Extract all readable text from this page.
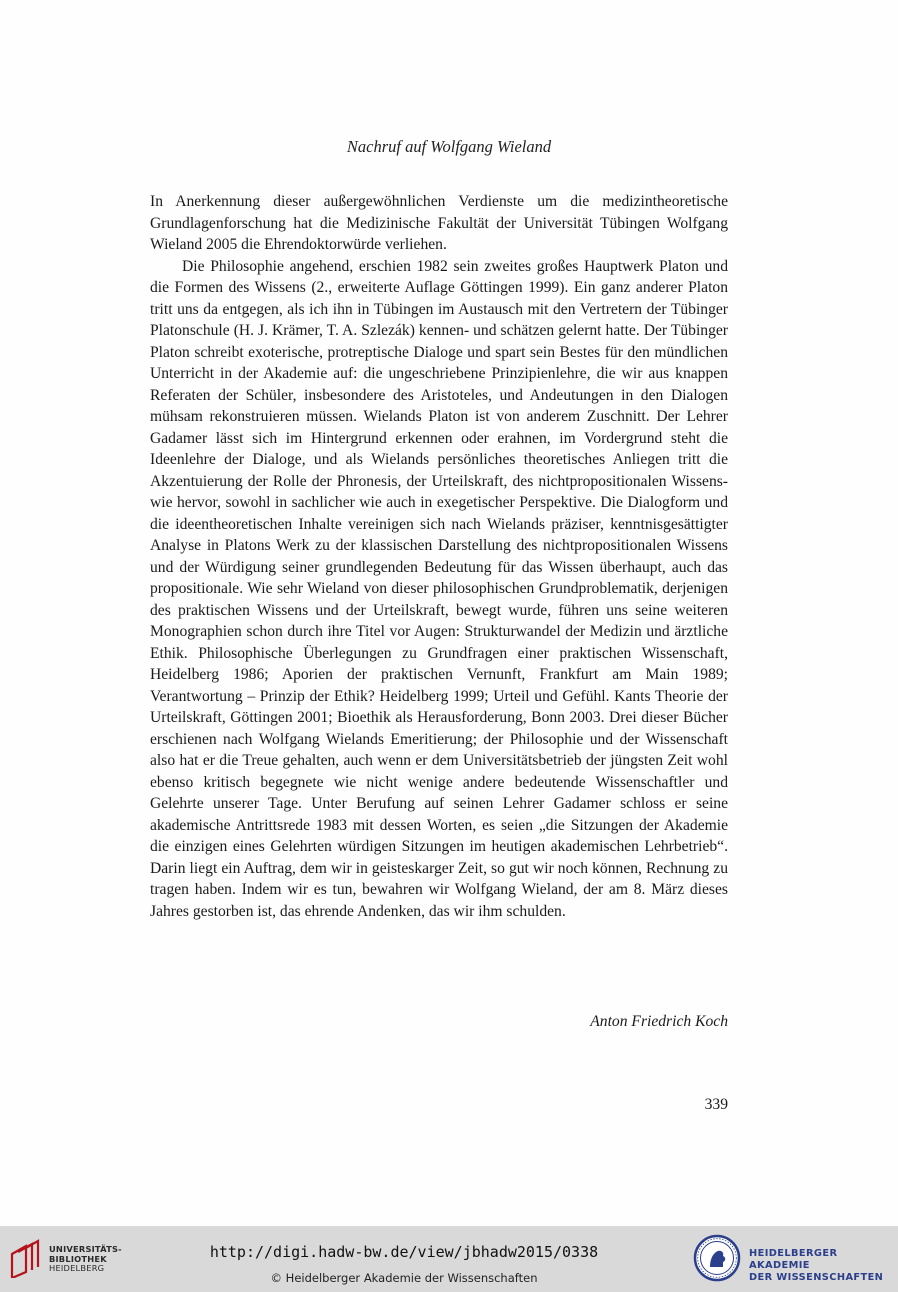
Nachruf auf Wolfgang Wieland

In Anerkennung dieser außergewöhnlichen Verdienste um die medizintheoretische Grundlagenforschung hat die Medizinische Fakultät der Universität Tübingen Wolfgang Wieland 2005 die Ehrendoktorwürde verliehen.

Die Philosophie angehend, erschien 1982 sein zweites großes Hauptwerk Platon und die Formen des Wissens (2., erweiterte Auflage Göttingen 1999). Ein ganz anderer Platon tritt uns da entgegen, als ich ihn in Tübingen im Austausch mit den Vertretern der Tübinger Platonschule (H. J. Krämer, T. A. Szlezák) kennen- und schätzen gelernt hatte. Der Tübinger Platon schreibt exoterische, protreptische Dialoge und spart sein Bestes für den mündlichen Unterricht in der Akademie auf: die ungeschriebene Prinzipienlehre, die wir aus knappen Referaten der Schüler, insbesondere des Aristoteles, und Andeutungen in den Dialogen mühsam rekonstruieren müssen. Wielands Platon ist von anderem Zuschnitt. Der Lehrer Gadamer lässt sich im Hintergrund erkennen oder erahnen, im Vordergrund steht die Ideenlehre der Dialoge, und als Wielands persönliches theoretisches Anliegen tritt die Akzentuierung der Rolle der Phronesis, der Urteilskraft, des nichtpropositionalen Wissens-wie hervor, sowohl in sachlicher wie auch in exegetischer Perspektive. Die Dialogform und die ideentheoretischen Inhalte vereinigen sich nach Wielands präziser, kenntnisgesättigter Analyse in Platons Werk zu der klassischen Darstellung des nichtpropositionalen Wissens und der Würdigung seiner grundlegenden Bedeutung für das Wissen überhaupt, auch das propositionale. Wie sehr Wieland von dieser philosophischen Grundproblematik, derjenigen des praktischen Wissens und der Urteilskraft, bewegt wurde, führen uns seine weiteren Monographien schon durch ihre Titel vor Augen: Strukturwandel der Medizin und ärztliche Ethik. Philosophische Überlegungen zu Grundfragen einer praktischen Wissenschaft, Heidelberg 1986; Aporien der praktischen Vernunft, Frankfurt am Main 1989; Verantwortung – Prinzip der Ethik? Heidelberg 1999; Urteil und Gefühl. Kants Theorie der Urteilskraft, Göttingen 2001; Bioethik als Herausforderung, Bonn 2003. Drei dieser Bücher erschienen nach Wolfgang Wielands Emeritierung; der Philosophie und der Wissenschaft also hat er die Treue gehalten, auch wenn er dem Universitätsbetrieb der jüngsten Zeit wohl ebenso kritisch begegnete wie nicht wenige andere bedeutende Wissenschaftler und Gelehrte unserer Tage. Unter Berufung auf seinen Lehrer Gadamer schloss er seine akademische Antrittsrede 1983 mit dessen Worten, es seien „die Sitzungen der Akademie die einzigen eines Gelehrten würdigen Sitzungen im heutigen akademischen Lehrbetrieb“. Darin liegt ein Auftrag, dem wir in geisteskarger Zeit, so gut wir noch können, Rechnung zu tragen haben. Indem wir es tun, bewahren wir Wolfgang Wieland, der am 8. März dieses Jahres gestorben ist, das ehrende Andenken, das wir ihm schulden.

Anton Friedrich Koch
339
UNIVERSITÄTS-
BIBLIOTHEK
HEIDELBERG
http://digi.hadw-bw.de/view/jbhadw2015/0338
© Heidelberger Akademie der Wissenschaften
HEIDELBERGER AKADEMIE
DER WISSENSCHAFTEN
